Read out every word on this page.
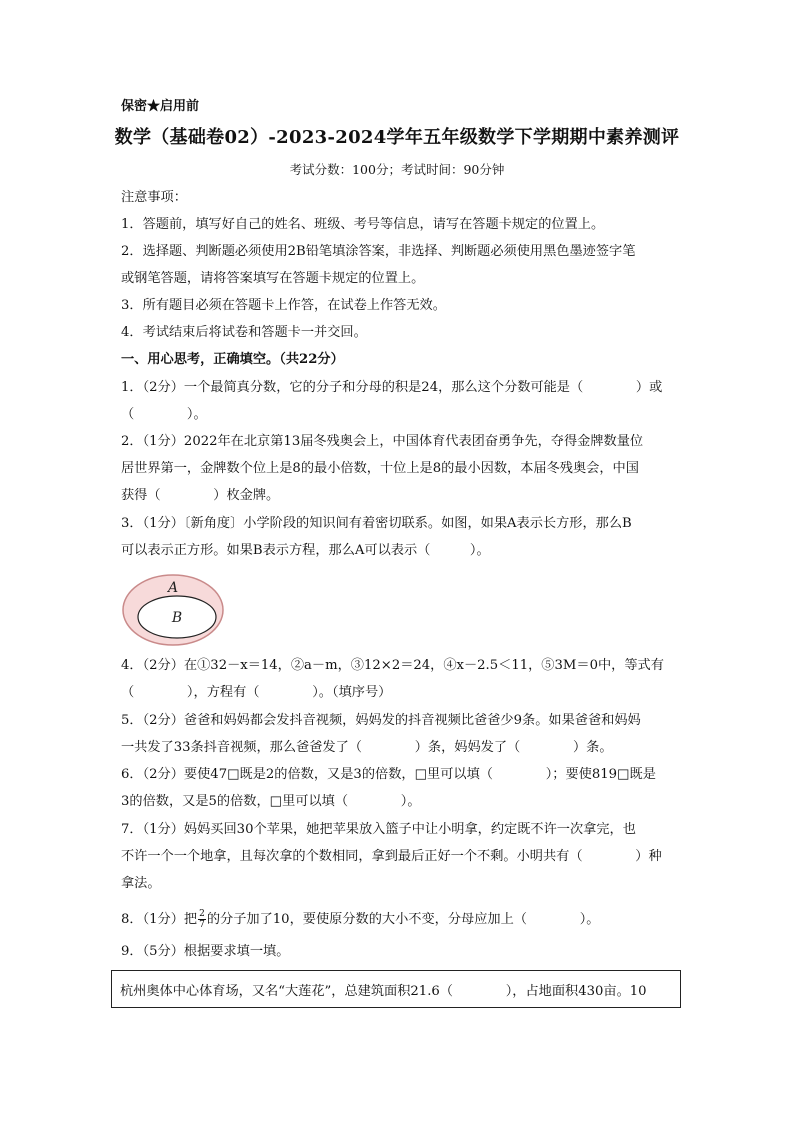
保密★启用前
数学（基础卷02）-2023-2024学年五年级数学下学期期中素养测评
考试分数：100分；考试时间：90分钟
注意事项：
1．答题前，填写好自己的姓名、班级、考号等信息，请写在答题卡规定的位置上。
2．选择题、判断题必须使用2B铅笔填涂答案，非选择、判断题必须使用黑色墨迹签字笔
或钢笔答题，请将答案填写在答题卡规定的位置上。
3．所有题目必须在答题卡上作答，在试卷上作答无效。
4．考试结束后将试卷和答题卡一并交回。
一、用心思考，正确填空。（共22分）
1．（2分）一个最简真分数，它的分子和分母的积是24，那么这个分数可能是（　　　　）或
（　　　　）。
2．（1分）2022年在北京第13届冬残奥会上，中国体育代表团奋勇争先，夺得金牌数量位
居世界第一，金牌数个位上是8的最小倍数，十位上是8的最小因数，本届冬残奥会，中国
获得（　　　　）枚金牌。
3．（1分）〔新角度〕小学阶段的知识间有着密切联系。如图，如果A表示长方形，那么B
可以表示正方形。如果B表示方程，那么A可以表示（　　　）。
A
B
4．（2分）在①32－x＝14，②a－m，③12×2＝24，④x－2.5＜11，⑤3M＝0中，等式有
（　　　　），方程有（　　　　）。（填序号）
5．（2分）爸爸和妈妈都会发抖音视频，妈妈发的抖音视频比爸爸少9条。如果爸爸和妈妈
一共发了33条抖音视频，那么爸爸发了（　　　　）条，妈妈发了（　　　　）条。
6．（2分）要使47□既是2的倍数，又是3的倍数，□里可以填（　　　　）；要使819□既是
3的倍数，又是5的倍数，□里可以填（　　　　）。
7．（1分）妈妈买回30个苹果，她把苹果放入篮子中让小明拿，约定既不许一次拿完，也
不许一个一个地拿，且每次拿的个数相同，拿到最后正好一个不剩。小明共有（　　　　）种
拿法。
8．（1分）把 $\frac{2}{7}$ 的分子加了10，要使原分数的大小不变，分母应加上（　　　　）。
9．（5分）根据要求填一填。
杭州奥体中心体育场，又名“大莲花”，总建筑面积21.6（　　　　），占地面积430亩。10
